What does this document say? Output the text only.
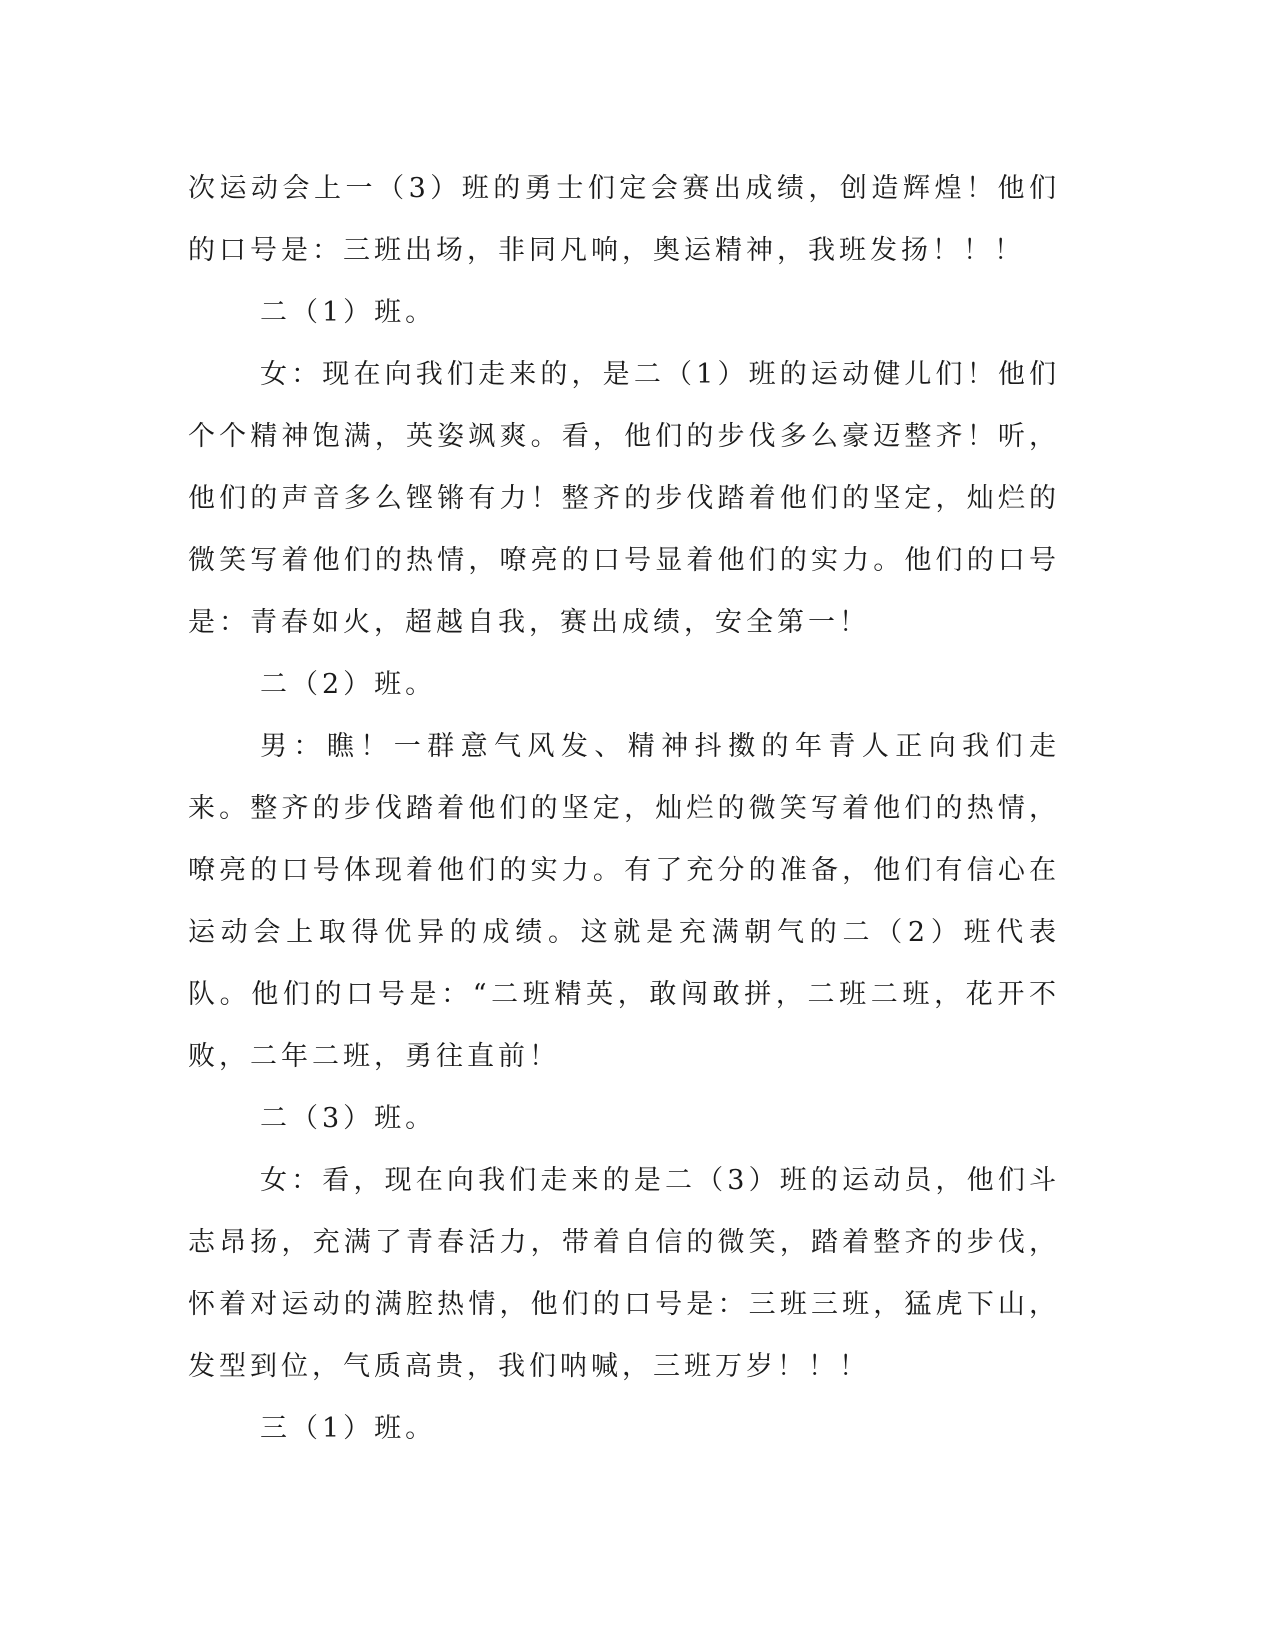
次运动会上一（3）班的勇士们定会赛出成绩，创造辉煌！他们的口号是：三班出场，非同凡响，奥运精神，我班发扬！！！

二（1）班。

女：现在向我们走来的，是二（1）班的运动健儿们！他们个个精神饱满，英姿飒爽。看，他们的步伐多么豪迈整齐！听，他们的声音多么铿锵有力！整齐的步伐踏着他们的坚定，灿烂的微笑写着他们的热情，嘹亮的口号显着他们的实力。他们的口号是：青春如火，超越自我，赛出成绩，安全第一！

二（2）班。

男：瞧！一群意气风发、精神抖擞的年青人正向我们走来。整齐的步伐踏着他们的坚定，灿烂的微笑写着他们的热情，嘹亮的口号体现着他们的实力。有了充分的准备，他们有信心在运动会上取得优异的成绩。这就是充满朝气的二（2）班代表队。他们的口号是：“二班精英，敢闯敢拼，二班二班，花开不败，二年二班，勇往直前！

二（3）班。

女：看，现在向我们走来的是二（3）班的运动员，他们斗志昂扬，充满了青春活力，带着自信的微笑，踏着整齐的步伐，怀着对运动的满腔热情，他们的口号是：三班三班，猛虎下山，发型到位，气质高贵，我们呐喊，三班万岁！！！

三（1）班。
